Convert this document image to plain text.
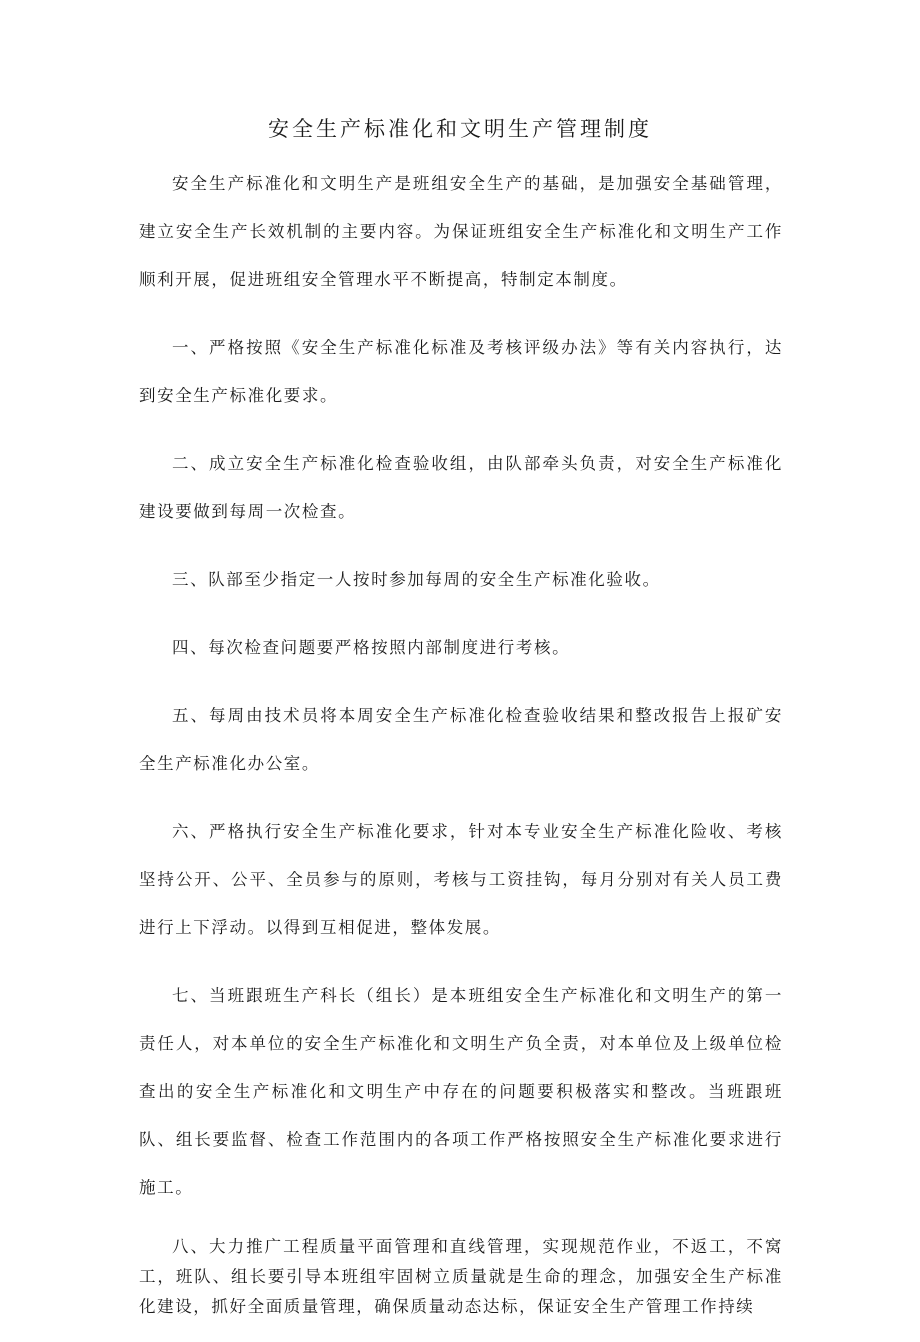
安全生产标准化和文明生产管理制度

安全生产标准化和文明生产是班组安全生产的基础，是加强安全基础管理，建立安全生产长效机制的主要内容。为保证班组安全生产标准化和文明生产工作顺利开展，促进班组安全管理水平不断提高，特制定本制度。

一、严格按照《安全生产标准化标准及考核评级办法》等有关内容执行，达到安全生产标准化要求。

二、成立安全生产标准化检查验收组，由队部牵头负责，对安全生产标准化建设要做到每周一次检查。

三、队部至少指定一人按时参加每周的安全生产标准化验收。

四、每次检查问题要严格按照内部制度进行考核。

五、每周由技术员将本周安全生产标准化检查验收结果和整改报告上报矿安全生产标准化办公室。

六、严格执行安全生产标准化要求，针对本专业安全生产标准化险收、考核坚持公开、公平、全员参与的原则，考核与工资挂钩，每月分别对有关人员工费进行上下浮动。以得到互相促进，整体发展。

七、当班跟班生产科长（组长）是本班组安全生产标准化和文明生产的第一责任人，对本单位的安全生产标准化和文明生产负全责，对本单位及上级单位检查出的安全生产标准化和文明生产中存在的问题要积极落实和整改。当班跟班队、组长要监督、检查工作范围内的各项工作严格按照安全生产标准化要求进行施工。

八、大力推广工程质量平面管理和直线管理，实现规范作业，不返工，不窝工，班队、组长要引导本班组牢固树立质量就是生命的理念，加强安全生产标准化建设，抓好全面质量管理，确保质量动态达标，保证安全生产管理工作持续
